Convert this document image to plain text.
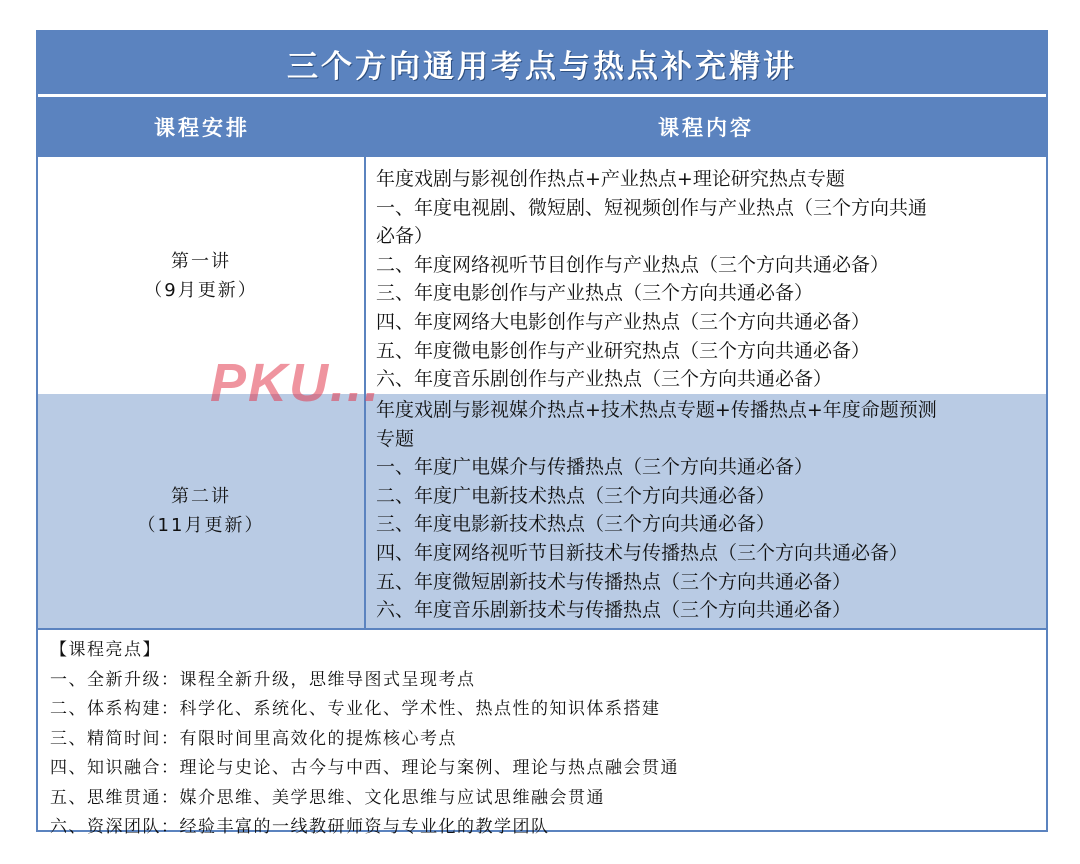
三个方向通用考点与热点补充精讲
课程安排	课程内容
第一讲
（9月更新）
年度戏剧与影视创作热点+产业热点+理论研究热点专题
一、年度电视剧、微短剧、短视频创作与产业热点（三个方向共通
必备）
二、年度网络视听节目创作与产业热点（三个方向共通必备）
三、年度电影创作与产业热点（三个方向共通必备）
四、年度网络大电影创作与产业热点（三个方向共通必备）
五、年度微电影创作与产业研究热点（三个方向共通必备）
六、年度音乐剧创作与产业热点（三个方向共通必备）
第二讲
（11月更新）
年度戏剧与影视媒介热点+技术热点专题+传播热点+年度命题预测
专题
一、年度广电媒介与传播热点（三个方向共通必备）
二、年度广电新技术热点（三个方向共通必备）
三、年度电影新技术热点（三个方向共通必备）
四、年度网络视听节目新技术与传播热点（三个方向共通必备）
五、年度微短剧新技术与传播热点（三个方向共通必备）
六、年度音乐剧新技术与传播热点（三个方向共通必备）
【课程亮点】
一、全新升级：课程全新升级，思维导图式呈现考点
二、体系构建：科学化、系统化、专业化、学术性、热点性的知识体系搭建
三、精简时间：有限时间里高效化的提炼核心考点
四、知识融合：理论与史论、古今与中西、理论与案例、理论与热点融会贯通
五、思维贯通：媒介思维、美学思维、文化思维与应试思维融会贯通
六、资深团队：经验丰富的一线教研师资与专业化的教学团队
PKU...
